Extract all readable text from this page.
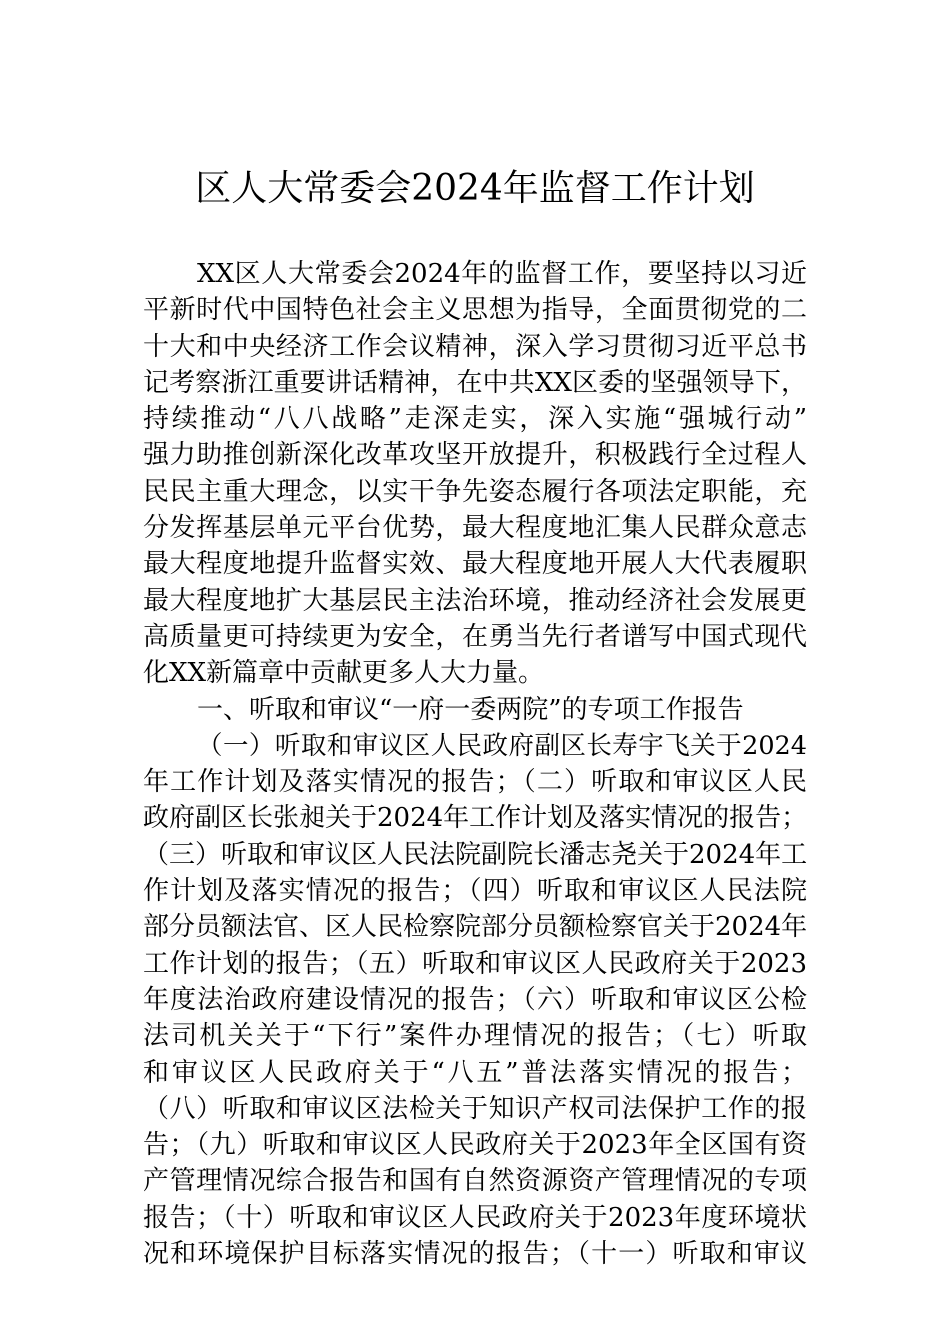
区人大常委会2024年监督工作计划
XX区人大常委会2024年的监督工作，要坚持以习近
平新时代中国特色社会主义思想为指导，全面贯彻党的二
十大和中央经济工作会议精神，深入学习贯彻习近平总书
记考察浙江重要讲话精神，在中共XX区委的坚强领导下，
持续推动“八八战略”走深走实，深入实施“强城行动”
强力助推创新深化改革攻坚开放提升，积极践行全过程人
民民主重大理念，以实干争先姿态履行各项法定职能，充
分发挥基层单元平台优势，最大程度地汇集人民群众意志
最大程度地提升监督实效、最大程度地开展人大代表履职
最大程度地扩大基层民主法治环境，推动经济社会发展更
高质量更可持续更为安全，在勇当先行者谱写中国式现代
化XX新篇章中贡献更多人大力量。
一、听取和审议“一府一委两院”的专项工作报告
（一）听取和审议区人民政府副区长寿宇飞关于2024
年工作计划及落实情况的报告；（二）听取和审议区人民
政府副区长张昶关于2024年工作计划及落实情况的报告；
（三）听取和审议区人民法院副院长潘志尧关于2024年工
作计划及落实情况的报告；（四）听取和审议区人民法院
部分员额法官、区人民检察院部分员额检察官关于2024年
工作计划的报告；（五）听取和审议区人民政府关于2023
年度法治政府建设情况的报告；（六）听取和审议区公检
法司机关关于“下行”案件办理情况的报告；（七）听取
和审议区人民政府关于“八五”普法落实情况的报告；
（八）听取和审议区法检关于知识产权司法保护工作的报
告；（九）听取和审议区人民政府关于2023年全区国有资
产管理情况综合报告和国有自然资源资产管理情况的专项
报告；（十）听取和审议区人民政府关于2023年度环境状
况和环境保护目标落实情况的报告；（十一）听取和审议
